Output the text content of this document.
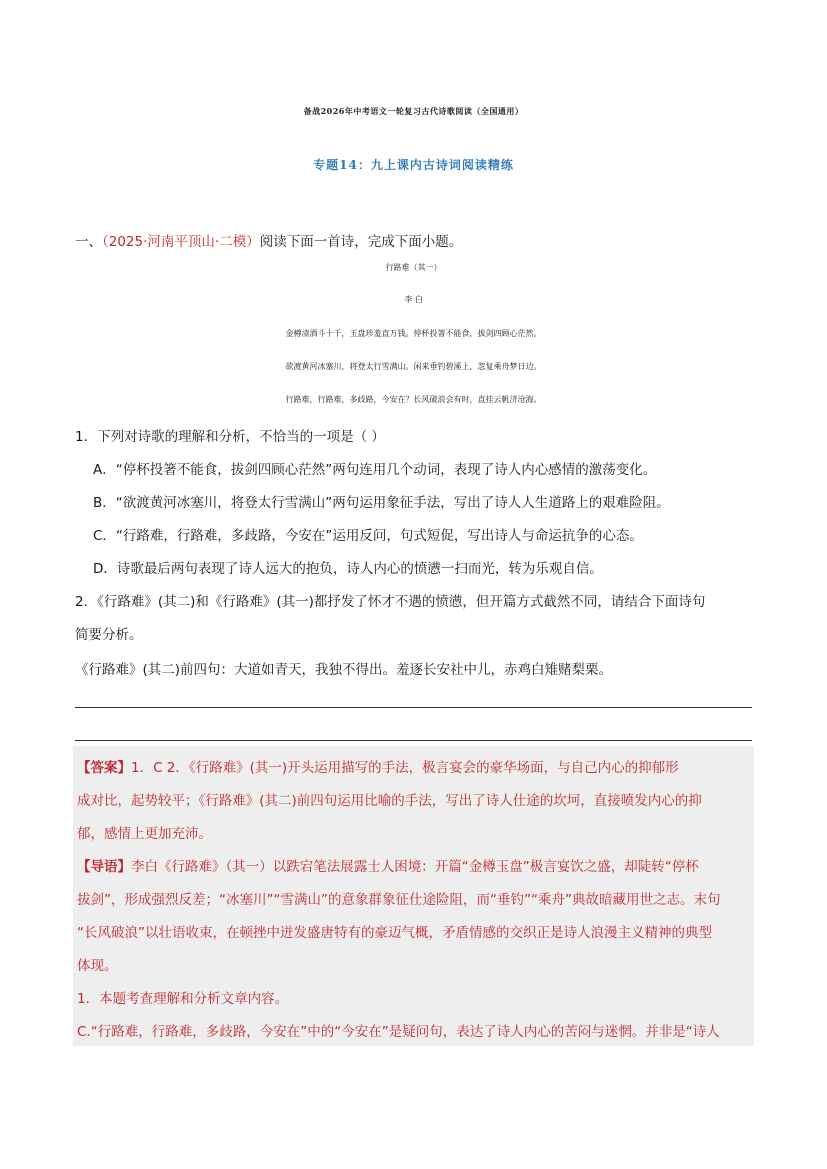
备战2026年中考语文一轮复习古代诗歌阅读（全国通用）
专题14：九上课内古诗词阅读精练
一、（2025·河南平顶山·二模）阅读下面一首诗，完成下面小题。
行路难（其一）
李 白
金樽清酒斗十千，玉盘珍羞直万钱。停杯投箸不能食，拔剑四顾心茫然。
欲渡黄河冰塞川，将登太行雪满山。闲来垂钓碧溪上，忽复乘舟梦日边。
行路难，行路难，多歧路，今安在？长风破浪会有时，直挂云帆济沧海。
1．下列对诗歌的理解和分析，不恰当的一项是（ ）
A．“停杯投箸不能食，拔剑四顾心茫然”两句连用几个动词，表现了诗人内心感情的激荡变化。
B．“欲渡黄河冰塞川，将登太行雪满山”两句运用象征手法，写出了诗人人生道路上的艰难险阻。
C．“行路难，行路难，多歧路，今安在”运用反问，句式短促，写出诗人与命运抗争的心态。
D．诗歌最后两句表现了诗人远大的抱负，诗人内心的愤懑一扫而光，转为乐观自信。
2．《行路难》(其二)和《行路难》(其一)都抒发了怀才不遇的愤懑，但开篇方式截然不同，请结合下面诗句
简要分析。
《行路难》(其二)前四句：大道如青天，我独不得出。羞逐长安社中儿，赤鸡白雉赌梨栗。
【答案】1．C 2．《行路难》(其一)开头运用描写的手法，极言宴会的豪华场面，与自己内心的抑郁形
成对比，起势较平；《行路难》(其二)前四句运用比喻的手法，写出了诗人仕途的坎坷，直接喷发内心的抑
郁，感情上更加充沛。
【导语】李白《行路难》（其一）以跌宕笔法展露士人困境：开篇“金樽玉盘”极言宴饮之盛，却陡转“停杯
拔剑”，形成强烈反差；“冰塞川”“雪满山”的意象群象征仕途险阻，而“垂钓”“乘舟”典故暗藏用世之志。末句
“长风破浪”以壮语收束，在顿挫中迸发盛唐特有的豪迈气概，矛盾情感的交织正是诗人浪漫主义精神的典型
体现。
1．本题考查理解和分析文章内容。
C.“行路难，行路难，多歧路，今安在”中的“今安在”是疑问句，表达了诗人内心的苦闷与迷惘。并非是“诗人
